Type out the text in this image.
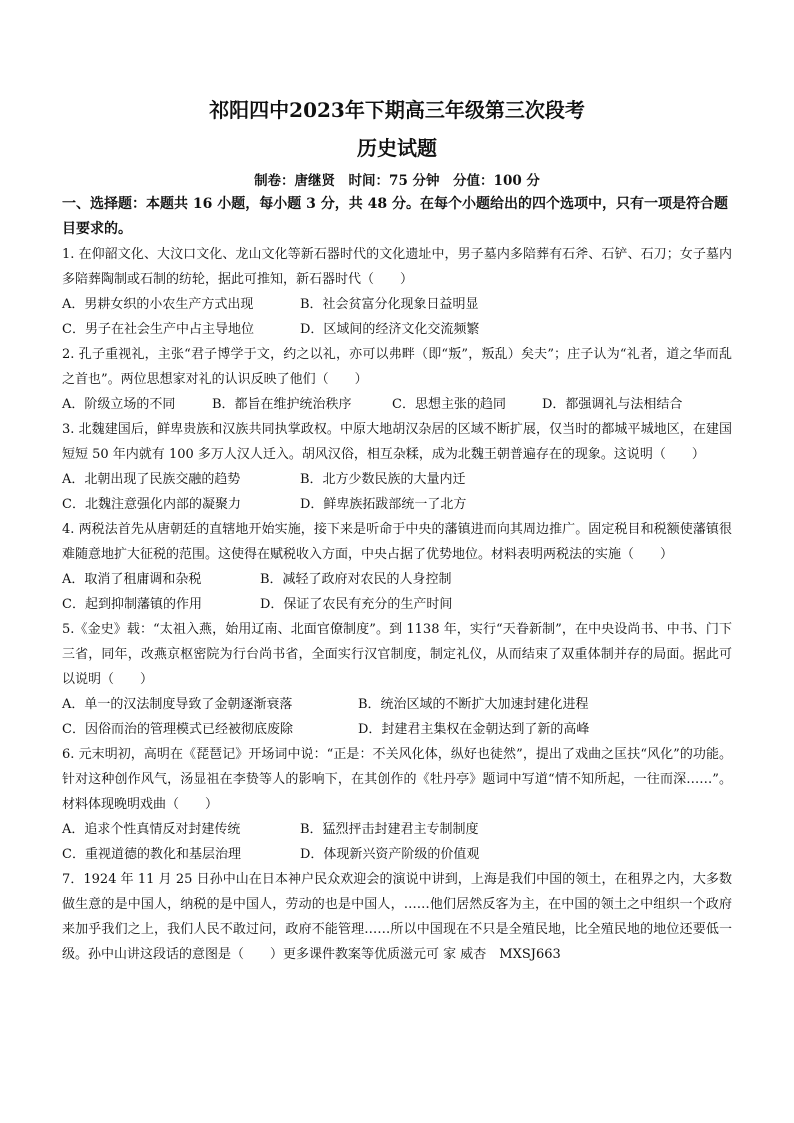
祁阳四中2023年下期高三年级第三次段考
历史试题

制卷：唐继贤　时间：75 分钟　分值：100 分

一、选择题：本题共 16 小题，每小题 3 分，共 48 分。在每个小题给出的四个选项中，只有一项是符合题目要求的。

1. 在仰韶文化、大汶口文化、龙山文化等新石器时代的文化遗址中，男子墓内多陪葬有石斧、石铲、石刀；女子墓内多陪葬陶制或石制的纺轮，据此可推知，新石器时代（　　）

A．男耕女织的小农生产方式出现	B．社会贫富分化现象日益明显
C．男子在社会生产中占主导地位	D．区域间的经济文化交流频繁

2. 孔子重视礼，主张“君子博学于文，约之以礼，亦可以弗畔（即“叛”，叛乱）矣夫”；庄子认为“礼者，道之华而乱之首也”。两位思想家对礼的认识反映了他们（　　）

A．阶级立场的不同	B．都旨在维护统治秩序	C．思想主张的趋同	D．都强调礼与法相结合

3. 北魏建国后，鲜卑贵族和汉族共同执掌政权。中原大地胡汉杂居的区域不断扩展，仅当时的都城平城地区，在建国短短 50 年内就有 100 多万人汉人迁入。胡风汉俗，相互杂糅，成为北魏王朝普遍存在的现象。这说明（　　）

A．北朝出现了民族交融的趋势	B．北方少数民族的大量内迁
C．北魏注意强化内部的凝聚力	D．鲜卑族拓跋部统一了北方

4. 两税法首先从唐朝廷的直辖地开始实施，接下来是听命于中央的藩镇进而向其周边推广。固定税目和税额使藩镇很难随意地扩大征税的范围。这使得在赋税收入方面，中央占据了优势地位。材料表明两税法的实施（　　）

A．取消了租庸调和杂税	B．减轻了政府对农民的人身控制
C．起到抑制藩镇的作用	D．保证了农民有充分的生产时间

5.《金史》载：“太祖入燕，始用辽南、北面官僚制度”。到 1138 年，实行“天眷新制”，在中央设尚书、中书、门下三省，同年，改燕京枢密院为行台尚书省，全面实行汉官制度，制定礼仪，从而结束了双重体制并存的局面。据此可以说明（　　）

A．单一的汉法制度导致了金朝逐渐衰落	B．统治区域的不断扩大加速封建化进程
C．因俗而治的管理模式已经被彻底废除	D．封建君主集权在金朝达到了新的高峰

6. 元末明初，高明在《琵琶记》开场词中说：“正是：不关风化体，纵好也徒然”，提出了戏曲之匡扶“风化”的功能。针对这种创作风气，汤显祖在李贽等人的影响下，在其创作的《牡丹亭》题词中写道“情不知所起，一往而深……”。材料体现晚明戏曲（　　）

A．追求个性真情反对封建传统	B．猛烈抨击封建君主专制制度
C．重视道德的教化和基层治理	D．体现新兴资产阶级的价值观

7．1924 年 11 月 25 日孙中山在日本神户民众欢迎会的演说中讲到，上海是我们中国的领土，在租界之内，大多数做生意的是中国人，纳税的是中国人，劳动的也是中国人，……他们居然反客为主，在中国的领土之中组织一个政府来加乎我们之上，我们人民不敢过问，政府不能管理……所以中国现在不只是全殖民地，比全殖民地的地位还要低一级。孙中山讲这段话的意图是（　　）更多课件教案等优质滋元可 家 威杏　MXSJ663
